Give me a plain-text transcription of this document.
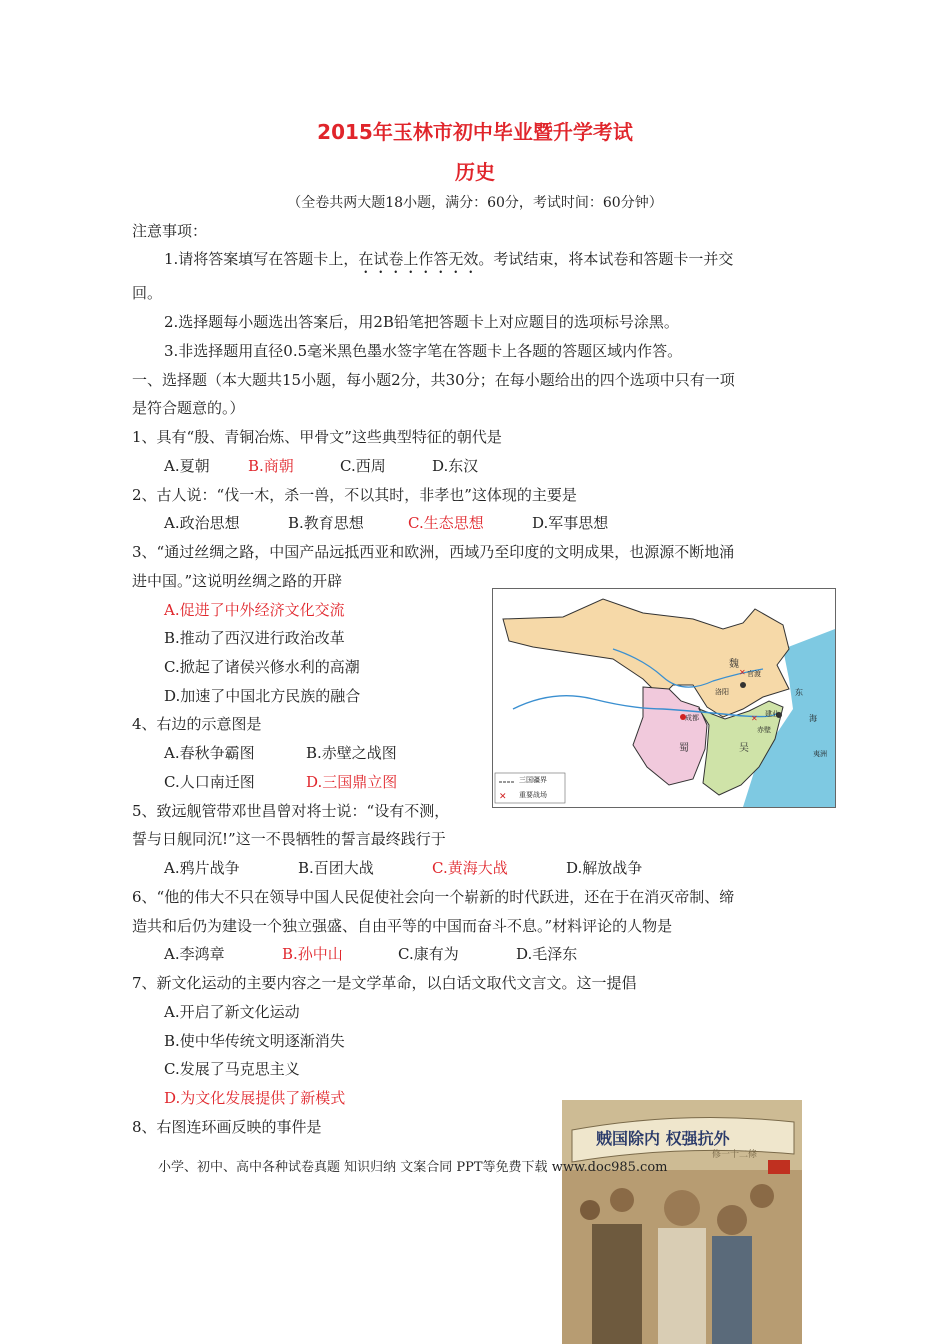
2015年玉林市初中毕业暨升学考试
历史
（全卷共两大题18小题，满分：60分，考试时间：60分钟）
注意事项：
1.请将答案填写在答题卡上，在试卷上作答无效。考试结束，将本试卷和答题卡一并交
回。
2.选择题每小题选出答案后，用2B铅笔把答题卡上对应题目的选项标号涂黑。
3.非选择题用直径0.5毫米黑色墨水签字笔在答题卡上各题的答题区域内作答。
一、选择题（本大题共15小题，每小题2分，共30分；在每小题给出的四个选项中只有一项
是符合题意的。）
1、具有“殷、青铜冶炼、甲骨文”这些典型特征的朝代是
A.夏朝	B.商朝	C.西周	D.东汉
2、古人说：“伐一木，杀一兽，不以其时，非孝也”这体现的主要是
A.政治思想	B.教育思想	C.生态思想	D.军事思想
3、“通过丝绸之路，中国产品远抵西亚和欧洲，西域乃至印度的文明成果，也源源不断地涌
进中国。”这说明丝绸之路的开辟
A.促进了中外经济文化交流
B.推动了西汉进行政治改革
C.掀起了诸侯兴修水利的高潮
D.加速了中国北方民族的融合
✕
✕
✕
魏
蜀	吴
洛阳
成都	建业
官渡
赤壁
东
海
夷洲
三国疆界
重要战场
4、右边的示意图是
A.春秋争霸图	B.赤壁之战图
C.人口南迁图	D.三国鼎立图
5、致远舰管带邓世昌曾对将士说：“设有不测，
誓与日舰同沉!”这一不畏牺牲的誓言最终践行于
A.鸦片战争	B.百团大战	C.黄海大战	D.解放战争
6、“他的伟大不只在领导中国人民促使社会向一个崭新的时代跃进，还在于在消灭帝制、缔
造共和后仍为建设一个独立强盛、自由平等的中国而奋斗不息。”材料评论的人物是
A.李鸿章	B.孙中山	C.康有为	D.毛泽东
7、新文化运动的主要内容之一是文学革命，以白话文取代文言文。这一提倡
A.开启了新文化运动
B.使中华传统文明逐渐消失
C.发展了马克思主义
D.为文化发展提供了新模式
8、右图连环画反映的事件是
贼国除内 权强抗外
修一十二條
小学、初中、高中各种试卷真题 知识归纳 文案合同 PPT等免费下载 www.doc985.com
